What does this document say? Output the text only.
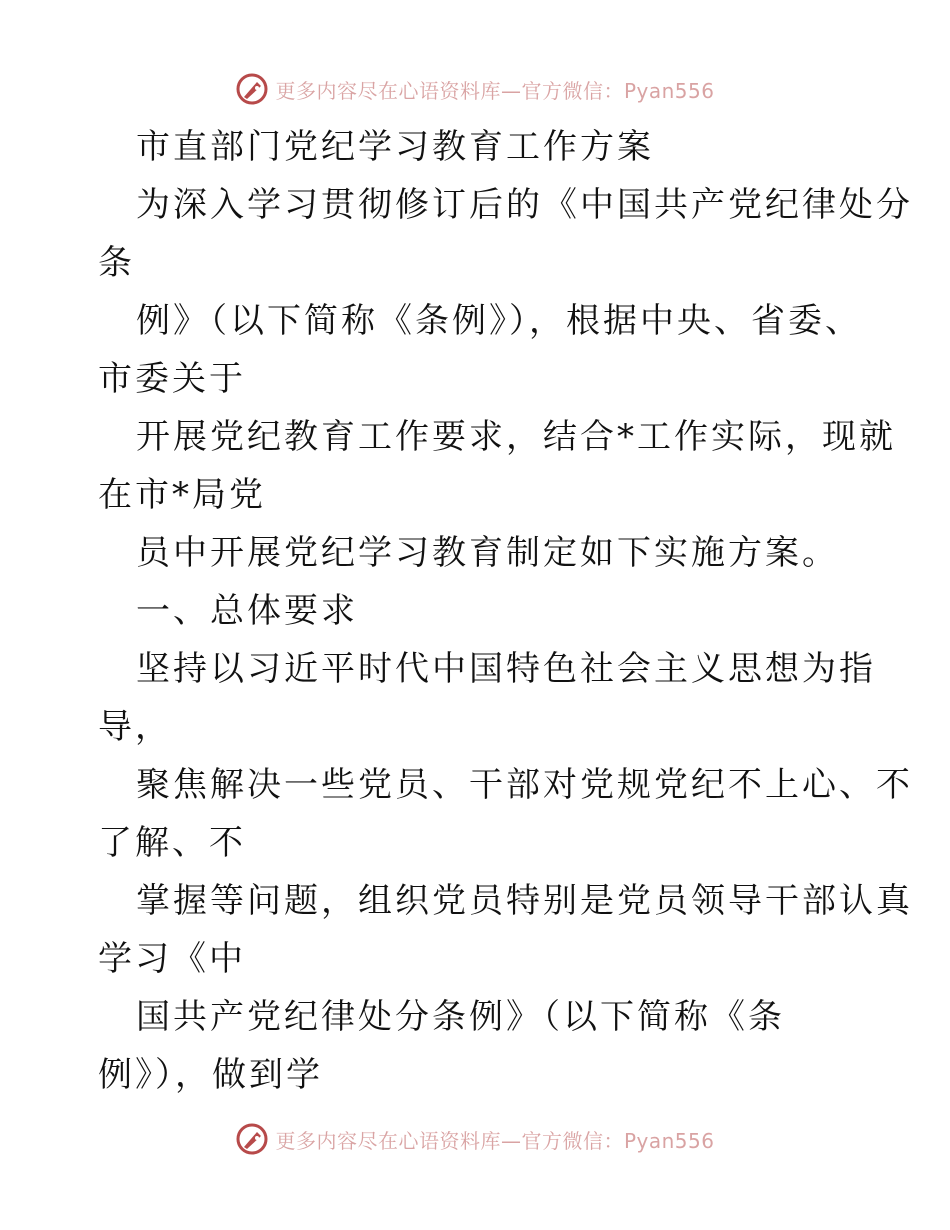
更多内容尽在心语资料库—官方微信：Pyan556
市直部门党纪学习教育工作方案
为深入学习贯彻修订后的《中国共产党纪律处分
条
例》（以下简称《条例》），根据中央、省委、
市委关于
开展党纪教育工作要求，结合*工作实际，现就
在市*局党
员中开展党纪学习教育制定如下实施方案。
一、总体要求
坚持以习近平时代中国特色社会主义思想为指
导，
聚焦解决一些党员、干部对党规党纪不上心、不
了解、不
掌握等问题，组织党员特别是党员领导干部认真
学习《中
国共产党纪律处分条例》（以下简称《条
例》），做到学
更多内容尽在心语资料库—官方微信：Pyan556
